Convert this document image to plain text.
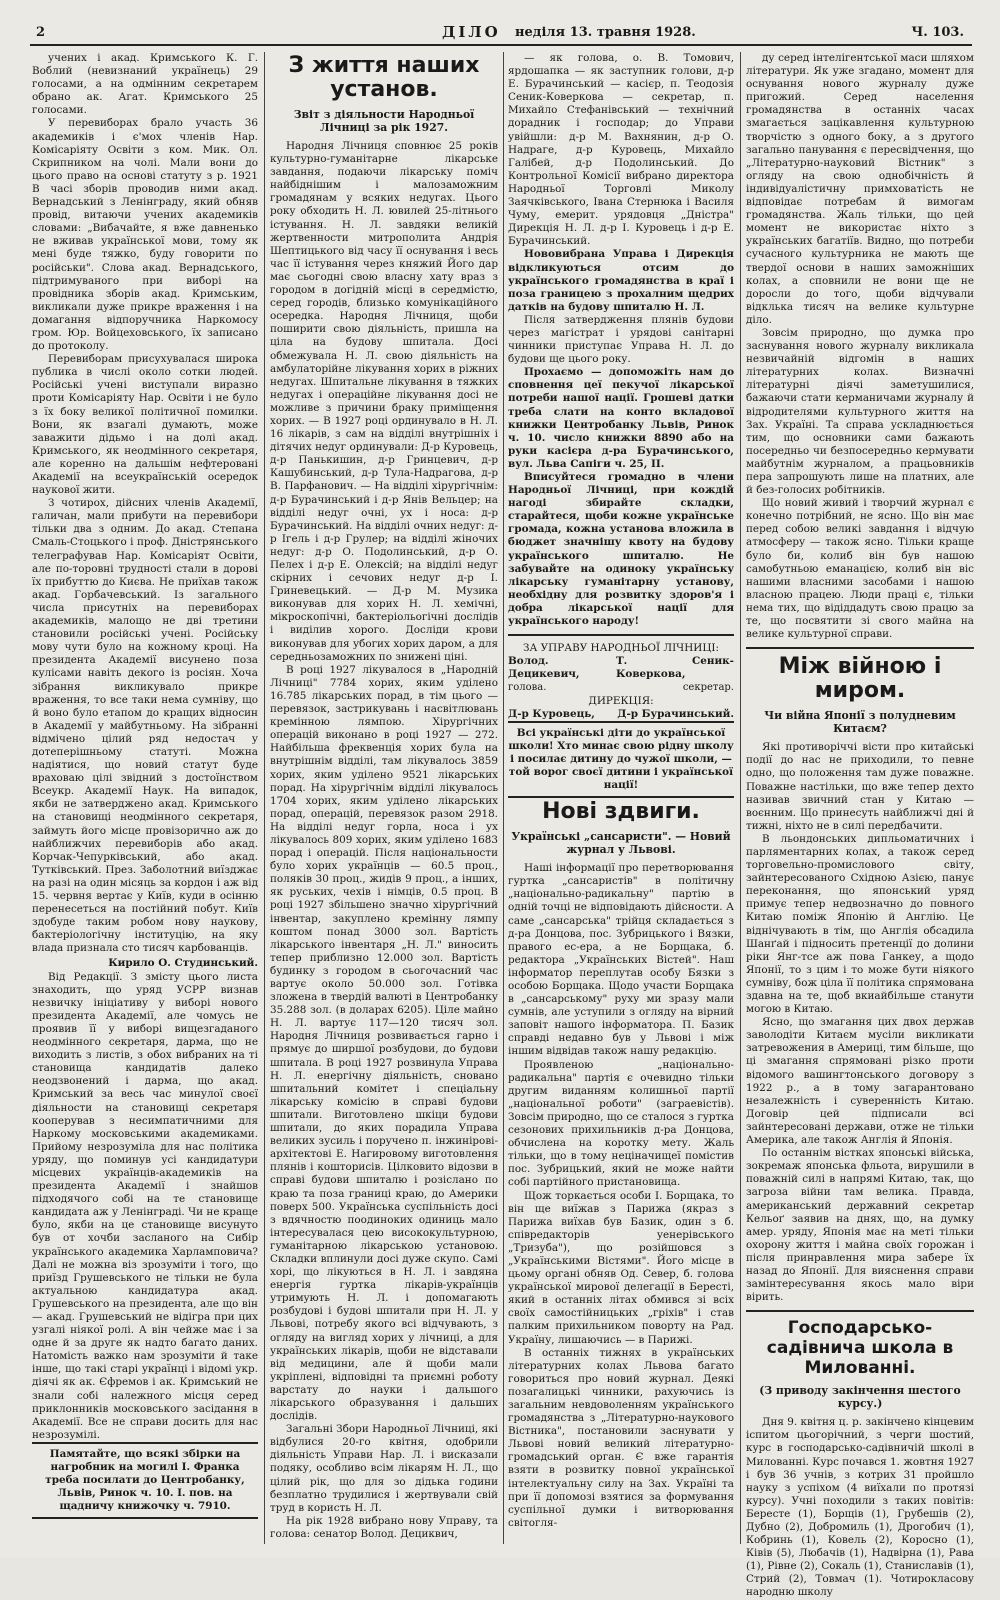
2	ДІЛО неділя 13. травня 1928.	Ч. 103.

учених і акад. Кримського К. Г. Воблий (невизнаний українець) 29 голосами, а на одмінним секретарем обрано ак. Агат. Кримського 25 голосами.

У перевиборах брало участь 36 академиків і є'мох членів Нар. Комісаріяту Освіти з ком. Мик. Ол. Скрипником на чолі. Мали вони до цього право на основі статуту з р. 1921 В часі зборів проводив ними акад. Вернадський з Ленінграду, який обняв провід, витаючи учених академиків словами: „Вибачайте, я вже давненько не вживав української мови, тому як мені буде тяжко, буду говорити по російськи". Слова акад. Вернадського, підтримуваного при виборі на провідника зборів акад. Кримським, викликали дуже прикре враження і на домагання відпоручника Наркомосу гром. Юр. Войцеховського, їх записано до протоколу.

Перевиборам присухувалася широка публика в числі около сотки людей. Російські учені виступали виразно проти Комісаріяту Нар. Освіти і не було з їх боку великої політичної помилки. Вони, як взагалі думають, може заважити дідьмо і на долі акад. Кримського, як неодмінного секретаря, але коренно на дальшім нефтеровані Академії на всеукраїнській осередок наукової жити.

З чотирох, дійсних членів Академії, галичан, мали прибути на перевибори тільки два з одним. До акад. Степана Смаль-Стоцького і проф. Дністрянського телеграфував Нар. Комісаріят Освіти, але по-торовні трудності стали в дорові їх прибуттю до Києва. Не приїхав також акад. Горбачевський. Із загального числа присутніх на перевиборах академиків, малощо не дві третини становили російські учені. Російську мову чути було на кожному кроці. На президента Академії висунено поза кулісами навіть декого із росіян. Хоча зібрання викликувало прикре враження, то все таки нема сумніву, що й воно було етапом до кращих відносин в Академії у майбутньому. На зібранні відмічено цілий ряд недостач у дотеперішньому статуті. Можна надіятися, що новий статут буде враховаю цілі звідний з достоїнством Всеукр. Академії Наук. На випадок, якби не затверджено акад. Кримського на становищі неодмінного секретаря, займуть його місце провізорично аж до найближчих перевиборів або акад. Корчак-Чепурківський, або акад. Тутківський. През. Заболотний виїзджає на разі на один місяць за кордон і аж від 15. червня вертає у Київ, куди в осінню перенесеться на постійний побут. Київ здобуде таким робом нову наукову, бактеріологічну інституцію, на яку влада признала сто тисяч карбованців.

Кирило О. Студинський.

Від Редакції. З змісту цього листа знаходить, що уряд УСРР визнав незвичку ініціативу у виборі нового президента Академії, але чомусь не проявив її у виборі вищезгаданого неодмінного секретаря, дарма, що не виходить з листів, з обох вибраних на ті становища кандидатів далеко неодзвонений і дарма, що акад. Кримський за весь час минулої своєї діяльности на становищі секретаря кооперував з несимпатичними для Наркому московськими академиками. Прийому незрозуміла для нас політика уряду, що поминув усі кандидатури місцевих українців-академиків на президента Академії і знайшов підходячого собі на те становище кандидата аж у Ленінграді. Чи не краще було, якби на це становище висунуто був от хочби засланого на Сибір українського академика Харламповича? Далі не можна віз зрозуміти і того, що приїзд Грушевського не тільки не була актуальною кандидатура акад. Грушевського на президента, але що він — акад. Грушевський не відігра при цих узгалі ніякої ролі. А він чейже має і за одне й за друге як надто багато даних. Натомість важко нам зрозуміти й таке інше, що такі старі українці і відомі укр. діячі як ак. Єфремов і ак. Кримський не знали собі належного місця серед приклонників московського засідання в Академії. Все не справи досить для нас незрозумілі.

Памятайте, що всякі збірки на нагробник на могилі І. Франка треба посилати до Центробанку, Львів, Ринок ч. 10. І. пов. на щадничу книжочку ч. 7910.

З життя наших установ.

Звіт з діяльности Народньої Лічниці за рік 1927.

Народня Лічниця сповнює 25 років культурно-гуманітарне лікарське завдання, подаючи лікарську поміч найбіднішим і малозаможним громадянам у всяких недугах. Цього року обходить Н. Л. ювилей 25-літнього істування. Н. Л. завдяки великій жертвенности митрополита Андрія Шептицького від часу її оснування і весь час її істування через княжий Його дар має сьогодні свою власну хату враз з городом в догідній місці в середмістю, серед городів, близько комунікаційного осередка. Народня Лічниця, щоби поширити свою діяльність, пришла на ціла на будову шпитала. Досі обмежувала Н. Л. свою діяльність на амбулаторійне лікування хорих в ріжних недугах. Шпитальне лікування в тяжких недугах і операційне лікування досі не можливе з причини браку приміщення хорих. — В 1927 році ординувало в Н. Л. 16 лікарів, з сам на відділі внутрішніх і дітячих недуг ординували: Д-р Куровець, д-р Панькишин, д-р Гринцевич, д-р Кашубинський, д-р Тула-Надрагова, д-р В. Парфанович. — На відділі хірургічнім: д-р Бурачинський і д-р Янів Вельцер; на відділі недуг очні, ух і носа: д-р Бурачинський. На відділі очних недуг: д-р Ігель і д-р Грулер; на відділі жіночих недуг: д-р О. Подолинський, д-р О. Пелех і д-р Е. Олексій; на відділі недуг скірних і сечових недуг д-р І. Гриневецький. — Д-р М. Музика виконував для хорих Н. Л. хемічні, мікроскопічні, бактеріольогічні дослідів і виділив хорого. Досліди крови виконував для убогих хорих даром, а для середньозаможних по знижені ціні.

В році 1927 лікувалося в „Народній Лічниці" 7784 хорих, яким уділено 16.785 лікарських порад, в тім цього — перевязок, застрикувань і насвітлювань кремінною лямпою. Хірургічних операцій виконано в році 1927 — 272. Найбільша фреквенція хорих була на внутрішнім відділі, там лікувалось 3859 хорих, яким уділено 9521 лікарських порад. На хірургічнім відділі лікувалось 1704 хорих, яким уділено лікарських порад, операцій, перевязок разом 2918. На відділі недуг горла, носа і ух лікувалось 809 хорих, яким уділено 1683 порад і операцій. Після національности було хорих українців — 60.5 проц., поляків 30 проц., жидів 9 проц., а інших, як руських, чехів і німців, 0.5 проц. В році 1927 збільшено значно хірургічний інвентар, закуплено кремінну лямпу коштом понад 3000 зол. Вартість лікарського інвентаря „Н. Л." виносить тепер приблизно 12.000 зол. Вартість будинку з городом в сьогочасний час вартує около 50.000 зол. Готівка зложена в твердій валюті в Центробанку 35.288 зол. (в доларах 6205). Ціле майно Н. Л. вартує 117—120 тисяч зол. Народня Лічниця розвивається гарно і прямує до ширшої розбудови, до будови шпитала. В році 1927 розвинула Управа Н. Л. енергічну діяльність, сновано шпитальний комітет і спеціальну лікарську комісію в справі будови шпитали. Виготовлено шкіци будови шпитали, до яких порадила Управа великих зусиль і поручено п. інжинірові-архітектові Е. Нагировому виготовлення плянів і кошторисів. Цілковито відозви в справі будови шпиталю і розіслано по краю та поза границі краю, до Америки поверх 500. Українська суспільність досі з вдячностю поодиноких одиниць мало інтересувалася цею висококультурною, гуманітарною лікарською установою. Складки вплинули досі дуже скупо. Самі хорі, що лікуються в Н. Л. і завдяна енергія гуртка лікарів-українців утримують Н. Л. і допомагають розбудові і будові шпитали при Н. Л. у Львові, потребу якого всі відчувають, з огляду на вигляд хорих у лічниці, а для українських лікарів, щоби не відставали від медицини, але й щоби мали укріплені, відповідні та приємні роботу варстату до науки і дальшого лікарського образування і дальших дослідів.

Загальні Збори Народньої Лічниці, які відбулися 20-го квітня, одобрили діяльність Управи Нар. Л. і висказали подяку, особливо всім лікарям Н. Л., що цілий рік, що для зо дідька години безплатно трудилися і жертвували свій труд в користь Н. Л.

На рік 1928 вибрано нову Управу, та голова: сенатор Волод. Дециквич,

— як голова, о. В. Томович, ярдошапка — як заступник голови, д-р Е. Бурачинський — касієр, п. Теодозія Сеник-Коверкова — секретар, п. Михайло Стефанівський — технічний дорадник і господар; до Управи увійшли: д-р М. Вахнянин, д-р О. Надраге, д-р Куровець, Михайло Галібей, д-р Подолинський. До Контрольної Комісії вибрано директора Народньої Торговлі Миколу Заячківського, Івана Стернюка і Василя Чуму, емерит. урядовця „Дністра" Дирекція Н. Л. д-р І. Куровець і д-р Е. Бурачинський.

Нововибрана Управа і Дирекція відкликуються отсим до українського громадянства в краї і поза границею з прохалним щедрих датків на будову шпиталю Н. Л.

Після затвердження плянів будови через магістрат і урядові санітарні чинники приступає Управа Н. Л. до будови ще цього року.

Прохаємо — допоможіть нам до сповнення цеї пекучої лікарської потреби нашої нації. Грошеві датки треба слати на конто вкладової книжки Центробанку Львів, Ринок ч. 10. число книжки 8890 або на руки касієра д-ра Бурачинського, вул. Льва Сапіги ч. 25, II.

Вписуйтеся громадно в члени Народньої Лічниці, при кождій нагоді збирайте складки, старайтеся, щоби кожне українське громада, кожна установа вложила в бюджет значнішу квоту на будову українського шпиталю. Не забувайте на одиноку українську лікарську гуманітарну установу, необхідну для розвитку здоров'я і добра лікарської нації для українського народу!

ЗА УПРАВУ НАРОДНЬОЇ ЛІЧНИЦІ:

Волод. Децикевич,
Т. Сеник-Коверкова,
голова.	секретар.

ДИРЕКЦІЯ:

Д-р Куровець, Д-р Бурачинський.

Всі українські діти до української школи! Хто минає свою рідну школу і посилає дитину до чужої школи, — той ворог своєї дитини і української нації!

Нові здвиги.

Українські „сансаристи". — Новий журнал у Львові.

Наші інформації про перетворювання гуртка „сансаристів" в політичну „національно-радикальну" партію в одній точці не відповідають дійсности. А саме „сансарська" трійця складається з д-ра Донцова, пос. Зубрицького і Вязки, правого ес-ера, а не Борщака, б. редактора „Українських Вістей". Наш інформатор переплутав особу Бязки з особою Борщака. Щодо участи Борщака в „сансарському" руху ми зразу мали сумнів, але уступили з огляду на вірний заповіт нашого інформатора. П. Базик справді недавно був у Львові і між іншим відвідав також нашу редакцію.

Проявленою „національно-радикальна" партія є очевидно тільки другим виданням колишньої партії „національної роботи" (заграевістів). Зовсім природно, що се сталося з гуртка сезонових прихильників д-ра Донцова, обчислена на коротку мету. Жаль тільки, що в тому неціначищеї помістив пос. Зубрицький, який не може найти собі партійного пристановища.

Щож торкається особи І. Борщака, то він ще виїжав з Парижа (якраз з Парижа виїхав був Базик, один з б. співредакторів уенерівського „Тризуба"), що розійшовся з „Українськими Вістями". Його місце в цьому органі обняв Од. Север, б. голова української мирової делегації в Бересті, який в останніх літах обмився зі всіх своїх самостійницьких „гріхів" і став палким прихильником поворту на Рад. Україну, лишаючись — в Парижі.

В останніх тижнях в українських літературних колах Львова багато говориться про новий журнал. Деякі позагалицькі чинники, рахуючись із загальним невдоволенням українського громадянства з „Літературно-наукового Вістника", постановили заснувати у Львові новий великий літературно-громадський орган. Є вже гарантія взяти в розвитку повної української інтелектуальну силу на Зах. Україні та при її допомозі взятися за формування суспільної думки і витворювання світогля-

ду серед інтелігентської маси шляхом літератури. Як уже згадано, момент для оснування нового журналу дуже пригожий. Серед населення громадянства в останніх часах змагається зацікавлення культурною творчістю з одного боку, а з другого загально панування є пересвідчення, що „Літературно-науковий Вістник" з огляду на свою однобічність й індивідуалістичну примховатість не відповідає потребам й вимогам громадянства. Жаль тільки, що цей момент не використає ніхто з українських багатіїв. Видно, що потреби сучасного культурника не мають ще твердої основи в наших заможніших колах, а сповнили не вони ще не доросли до того, щоби відчували відклька тисяч на велике культурне діло.

Зовсім природно, що думка про заснування нового журналу викликала незвичайній відгомін в наших літературних колах. Визначні літературні діячі заметушилися, бажаючи стати керманичами журналу й відродителями культурного життя на Зах. Україні. Та справа ускладнюється тим, що основники сами бажають посередньо чи безпосередньо кермувати майбутнім журналом, а працьовників пера запрошують лише на платних, але й без-голосих робітників.

Що новий живий і творчий журнал є конечно потрібний, не ясно. Що він має перед собою великі завдання і відчую атмосферу — також ясно. Тільки краще було би, колиб він був нашою самобутньою еманацією, колиб він віс нашими власними засобами і нашою власною працею. Люди праці є, тільки нема тих, що відіддадуть свою працю за те, що посвятити зі свого майна на велике культурної справи.

Між війною і миром.

Чи війна Японії з полудневим Китаєм?

Які противоріччі вісти про китайські події до нас не приходили, то певне одно, що положення там дуже поважне. Поважне настільки, що вже тепер дехто називав звичний стан у Китаю — воєнним. Що принесуть найближчі дні й тижні, ніхто не в силі передбачити.

В льондонських дипльоматичних і парляментарних колах, а також серед торговельно-промислового світу, зайнтересованого Східною Азією, панує переконання, що японський уряд примує тепер недвозначно до повного Китаю поміж Японію й Англію. Це віднічувають в тім, що Англія обсадила Шанґай і підносить претенції до долини ріки Янг-тсе аж пова Ганкеу, а щодо Японії, то з цим і то може бути ніякого сумніву, бож ціла її політика спрямована здавна на те, щоб вкиайбільше станути могою в Китаю.

Ясно, що змагання цих двох держав заволодіти Китаєм мусіли викликати затревожения в Америці, тим більше, що ці змагання спрямовані різко проти відомого вашингтонського договору з 1922 р., а в тому загарантовано незалежність і суверенність Китаю. Договір цей підписали всі зайнтересовані держави, отже не тільки Америка, але також Англія й Японія.

По останнім вістках японські війська, зокремаж японська фльота, вирушили в поважній силі в напрямі Китаю, так, що загроза війни там велика. Правда, американський державний секретар Кельоґ заявив на днях, що, на думку амер. уряду, Японія має на меті тільки охорону життя і майна своїх горожан і після принравлення мира забере їх назад до Японії. Для вияснення справи замінтересування якось мало віри вірить.

Господарсько-садівнича школа в Милованні.

(З приводу закінчення шестого курсу.)

Дня 9. квітня ц. р. закінчено кінцевим іспитом цьогорічний, з черги шостий, курс в господарсько-садівничій школі в Милованні. Курс почався 1. жовтня 1927 і був 36 учнів, з котрих 31 пройшло науку з успіхом (4 виїхали по протязі курсу). Учні походили з таких повітів: Бересте (1), Борщів (1), Грубешів (2), Дубно (2), Добромиль (1), Дрогобич (1), Кобринь (1), Ковель (2), Коросно (1), Ківів (5), Любачів (1), Надвірна (1), Рава (1), Рівне (2), Сокаль (1), Станиславів (1), Стрий (2), Товмач (1). Чотирокласову народню школу
